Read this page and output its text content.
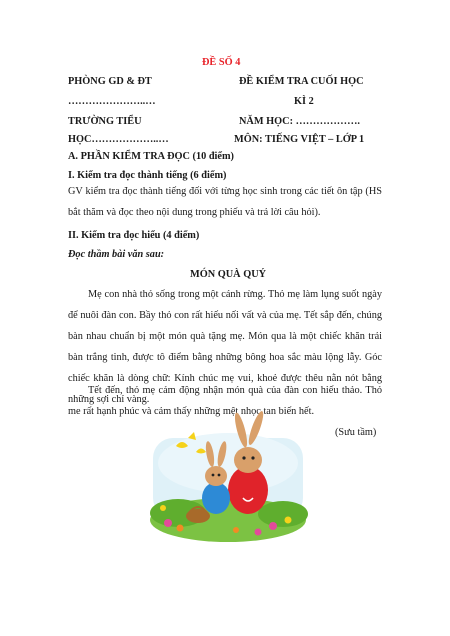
ĐỀ SỐ 4
PHÒNG GD & ĐT	ĐỀ KIỂM TRA CUỐI HỌC
…………………..…	KÌ 2
TRƯỜNG TIỂU	NĂM HỌC: ……………….
HỌC………………..…	MÔN: TIẾNG VIỆT – LỚP 1
A. PHẦN KIỂM TRA ĐỌC (10 điểm)
I. Kiểm tra đọc thành tiếng (6 điểm)
GV kiểm tra đọc thành tiếng đối với từng học sinh trong các tiết ôn tập (HS bắt thăm và đọc theo nội dung trong phiếu và trả lời câu hỏi).
II. Kiểm tra đọc hiểu (4 điểm)
Đọc thầm bài văn sau:
MÓN QUÀ QUÝ
Mẹ con nhà thỏ sống trong một cánh rừng. Thỏ mẹ làm lụng suốt ngày để nuôi đàn con. Bầy thỏ con rất hiếu nối vất và của mẹ. Tết sắp đến, chúng bàn nhau chuẩn bị một món quà tặng mẹ. Món qua là một chiếc khăn trải bàn trắng tinh, được tô điểm bằng những bông hoa sắc màu lộng lẫy. Góc chiếc khăn là dòng chữ: Kính chúc mẹ vui, khoẻ được thêu nằn nót bằng những sợi chỉ vàng.
Tết đến, thỏ mẹ cảm động nhận món quà của đàn con hiếu thảo. Thỏ me rất hạnh phúc và cảm thấy những mệt nhọc tan biến hết.
(Sưu tầm)
